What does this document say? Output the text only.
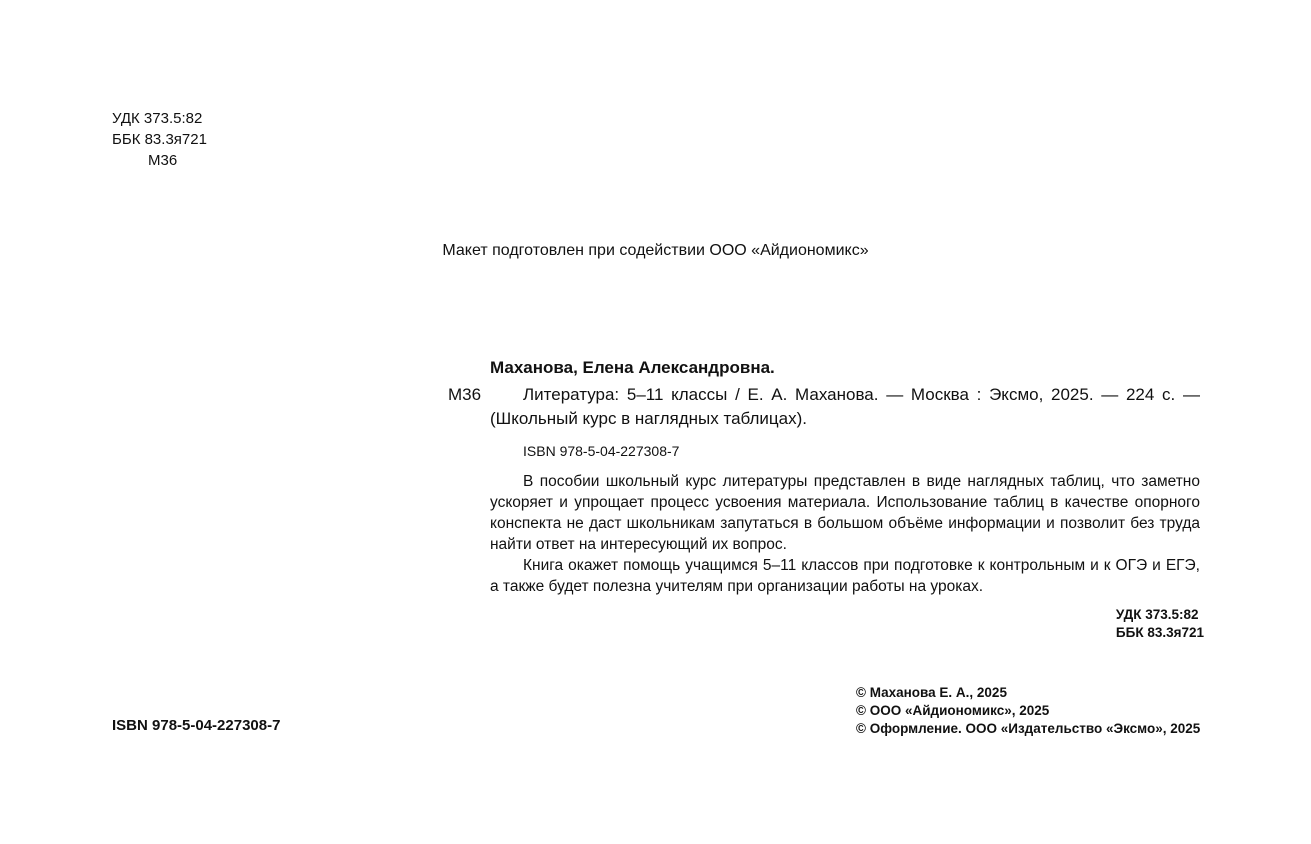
УДК 373.5:82
ББК 83.3я721
М36
Макет подготовлен при содействии ООО «Айдиономикс»
М36
Маханова, Елена Александровна.
Литература: 5–11 классы / Е. А. Маханова. — Москва : Эксмо, 2025. — 224 с. — (Школьный курс в наглядных таблицах).
ISBN 978-5-04-227308-7

В пособии школьный курс литературы представлен в виде наглядных таблиц, что заметно ускоряет и упрощает процесс усвоения материала. Использование таблиц в качестве опорного конспекта не даст школьникам запутаться в большом объёме информации и позволит без труда найти ответ на интересующий их вопрос.

Книга окажет помощь учащимся 5–11 классов при подготовке к контрольным и к ОГЭ и ЕГЭ, а также будет полезна учителям при организации работы на уроках.

УДК 373.5:82
ББК 83.3я721
© Маханова Е. А., 2025
© ООО «Айдиономикс», 2025
© Оформление. ООО «Издательство «Эксмо», 2025
ISBN 978-5-04-227308-7
